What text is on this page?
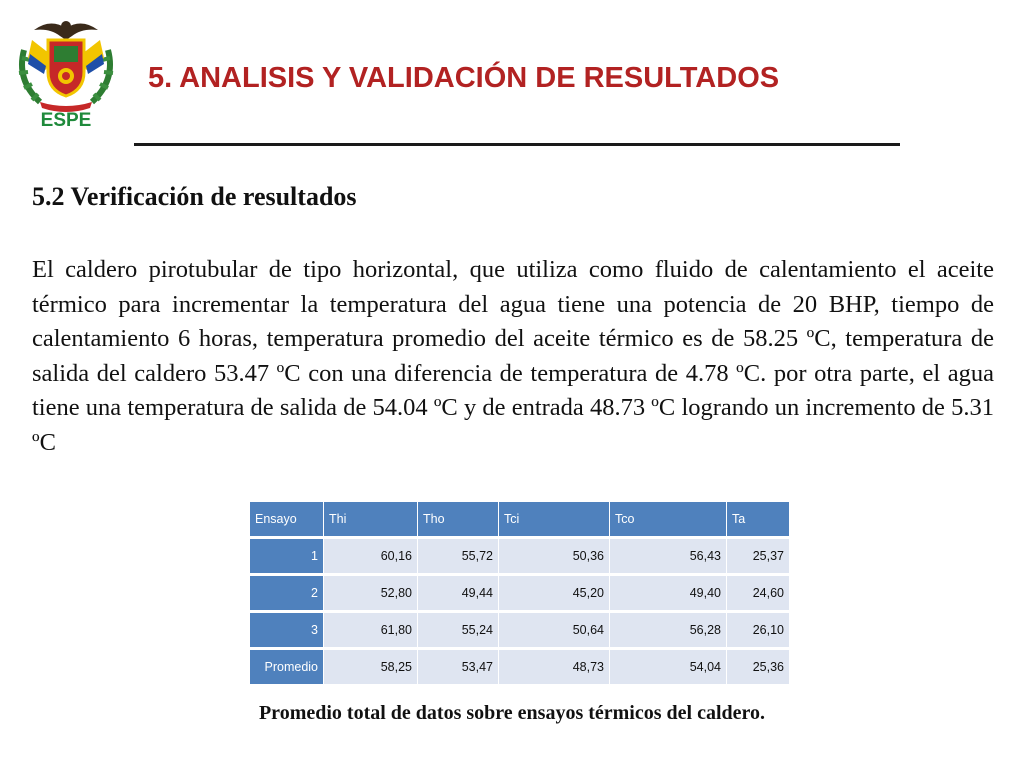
ESPE
5. ANALISIS Y VALIDACIÓN DE RESULTADOS
5.2 Verificación de resultados
El caldero pirotubular de tipo horizontal, que utiliza como fluido de calentamiento el aceite térmico para incrementar la temperatura del agua tiene una potencia de 20 BHP, tiempo de calentamiento 6 horas, temperatura promedio del aceite térmico es de 58.25 ºC, temperatura de salida del caldero 53.47 ºC con una diferencia de temperatura de 4.78 ºC. por otra parte, el agua tiene una temperatura de salida de 54.04 ºC y de entrada 48.73 ºC logrando un incremento de 5.31 ºC
Ensayo	Thi	Tho	Tci	Tco	Ta
1	60,16	55,72	50,36	56,43	25,37
2	52,80	49,44	45,20	49,40	24,60
3	61,80	55,24	50,64	56,28	26,10
Promedio	58,25	53,47	48,73	54,04	25,36
Promedio total de datos sobre ensayos térmicos del caldero.
